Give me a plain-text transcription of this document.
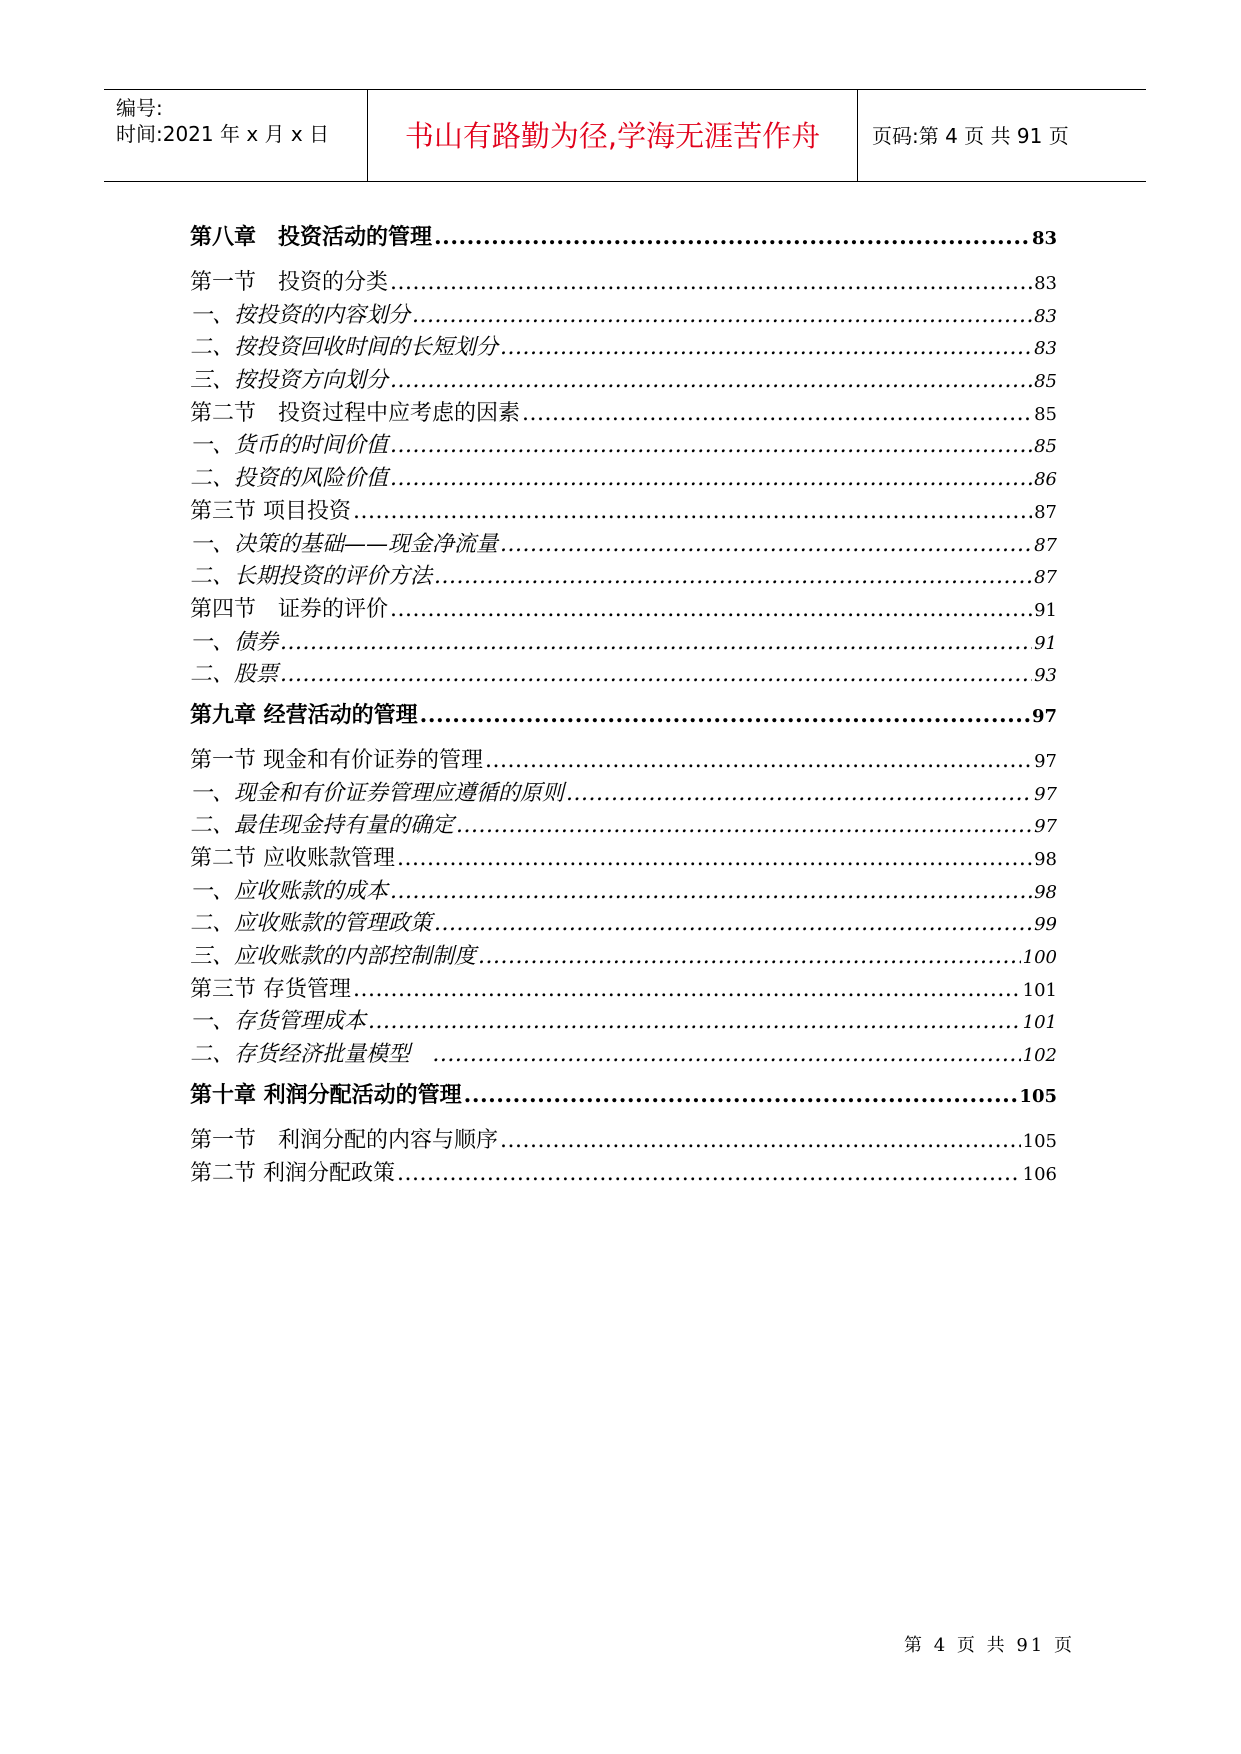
编号:
时间:2021 年 x 月 x 日	书山有路勤为径,学海无涯苦作舟	页码:第 4 页 共 91 页
第八章　投资活动的管理 .....	83
第一节　投资的分类 .....	83
一、按投资的内容划分 .....	83
二、按投资回收时间的长短划分 .....	83
三、按投资方向划分 .....	85
第二节　投资过程中应考虑的因素 .....	85
一、货币的时间价值 .....	85
二、投资的风险价值 .....	86
第三节 项目投资 .....	87
一、决策的基础——现金净流量 .....	87
二、长期投资的评价方法 .....	87
第四节　证券的评价 .....	91
一、债券 .....	91
二、股票 .....	93
第九章 经营活动的管理 .....	97
第一节 现金和有价证券的管理 .....	97
一、现金和有价证券管理应遵循的原则 .....	97
二、最佳现金持有量的确定 .....	97
第二节 应收账款管理 .....	98
一、应收账款的成本 .....	98
二、应收账款的管理政策 .....	99
三、应收账款的内部控制制度 .....	100
第三节 存货管理 .....	101
一、存货管理成本 .....	101
二、存货经济批量模型 .....	102
第十章 利润分配活动的管理 .....	105
第一节　利润分配的内容与顺序 .....	105
第二节 利润分配政策 .....	106
第 4 页 共 91 页
